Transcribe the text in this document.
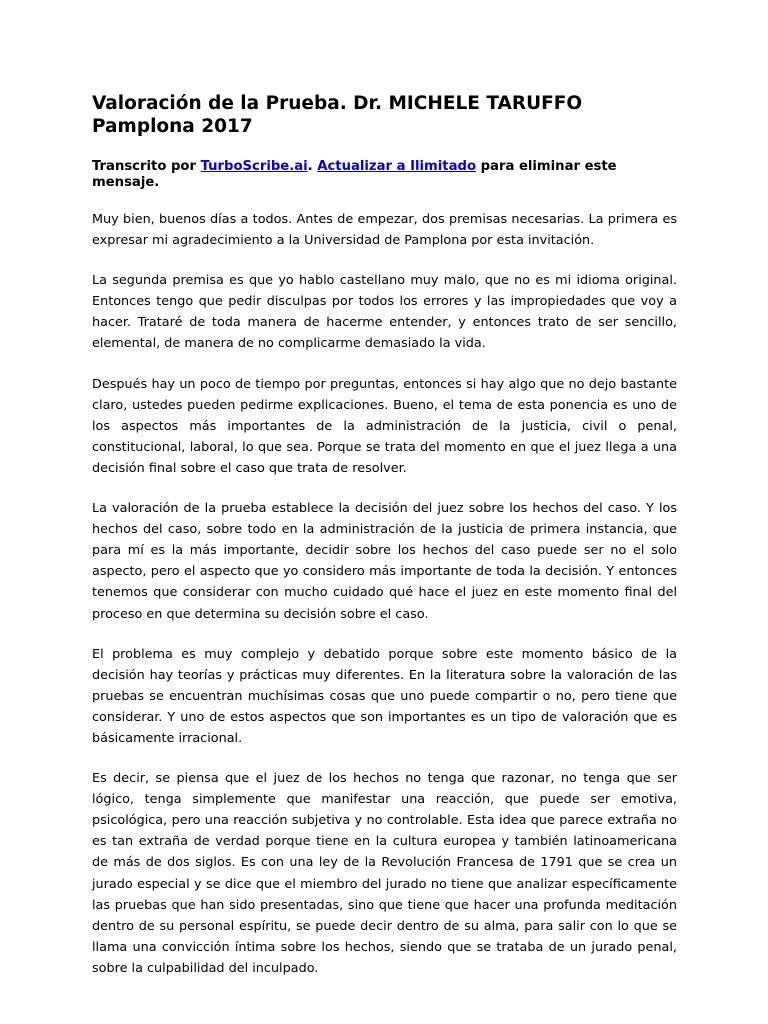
Valoración de la Prueba. Dr. MICHELE TARUFFO Pamplona 2017

Transcrito por TurboScribe.ai. Actualizar a Ilimitado para eliminar este mensaje.

Muy bien, buenos días a todos. Antes de empezar, dos premisas necesarias. La primera es expresar mi agradecimiento a la Universidad de Pamplona por esta invitación.

La segunda premisa es que yo hablo castellano muy malo, que no es mi idioma original. Entonces tengo que pedir disculpas por todos los errores y las impropiedades que voy a hacer. Trataré de toda manera de hacerme entender, y entonces trato de ser sencillo, elemental, de manera de no complicarme demasiado la vida.

Después hay un poco de tiempo por preguntas, entonces si hay algo que no dejo bastante claro, ustedes pueden pedirme explicaciones. Bueno, el tema de esta ponencia es uno de los aspectos más importantes de la administración de la justicia, civil o penal, constitucional, laboral, lo que sea. Porque se trata del momento en que el juez llega a una decisión final sobre el caso que trata de resolver.

La valoración de la prueba establece la decisión del juez sobre los hechos del caso. Y los hechos del caso, sobre todo en la administración de la justicia de primera instancia, que para mí es la más importante, decidir sobre los hechos del caso puede ser no el solo aspecto, pero el aspecto que yo considero más importante de toda la decisión. Y entonces tenemos que considerar con mucho cuidado qué hace el juez en este momento final del proceso en que determina su decisión sobre el caso.

El problema es muy complejo y debatido porque sobre este momento básico de la decisión hay teorías y prácticas muy diferentes. En la literatura sobre la valoración de las pruebas se encuentran muchísimas cosas que uno puede compartir o no, pero tiene que considerar. Y uno de estos aspectos que son importantes es un tipo de valoración que es básicamente irracional.

Es decir, se piensa que el juez de los hechos no tenga que razonar, no tenga que ser lógico, tenga simplemente que manifestar una reacción, que puede ser emotiva, psicológica, pero una reacción subjetiva y no controlable. Esta idea que parece extraña no es tan extraña de verdad porque tiene en la cultura europea y también latinoamericana de más de dos siglos. Es con una ley de la Revolución Francesa de 1791 que se crea un jurado especial y se dice que el miembro del jurado no tiene que analizar específicamente las pruebas que han sido presentadas, sino que tiene que hacer una profunda meditación dentro de su personal espíritu, se puede decir dentro de su alma, para salir con lo que se llama una convicción íntima sobre los hechos, siendo que se trataba de un jurado penal, sobre la culpabilidad del inculpado.
